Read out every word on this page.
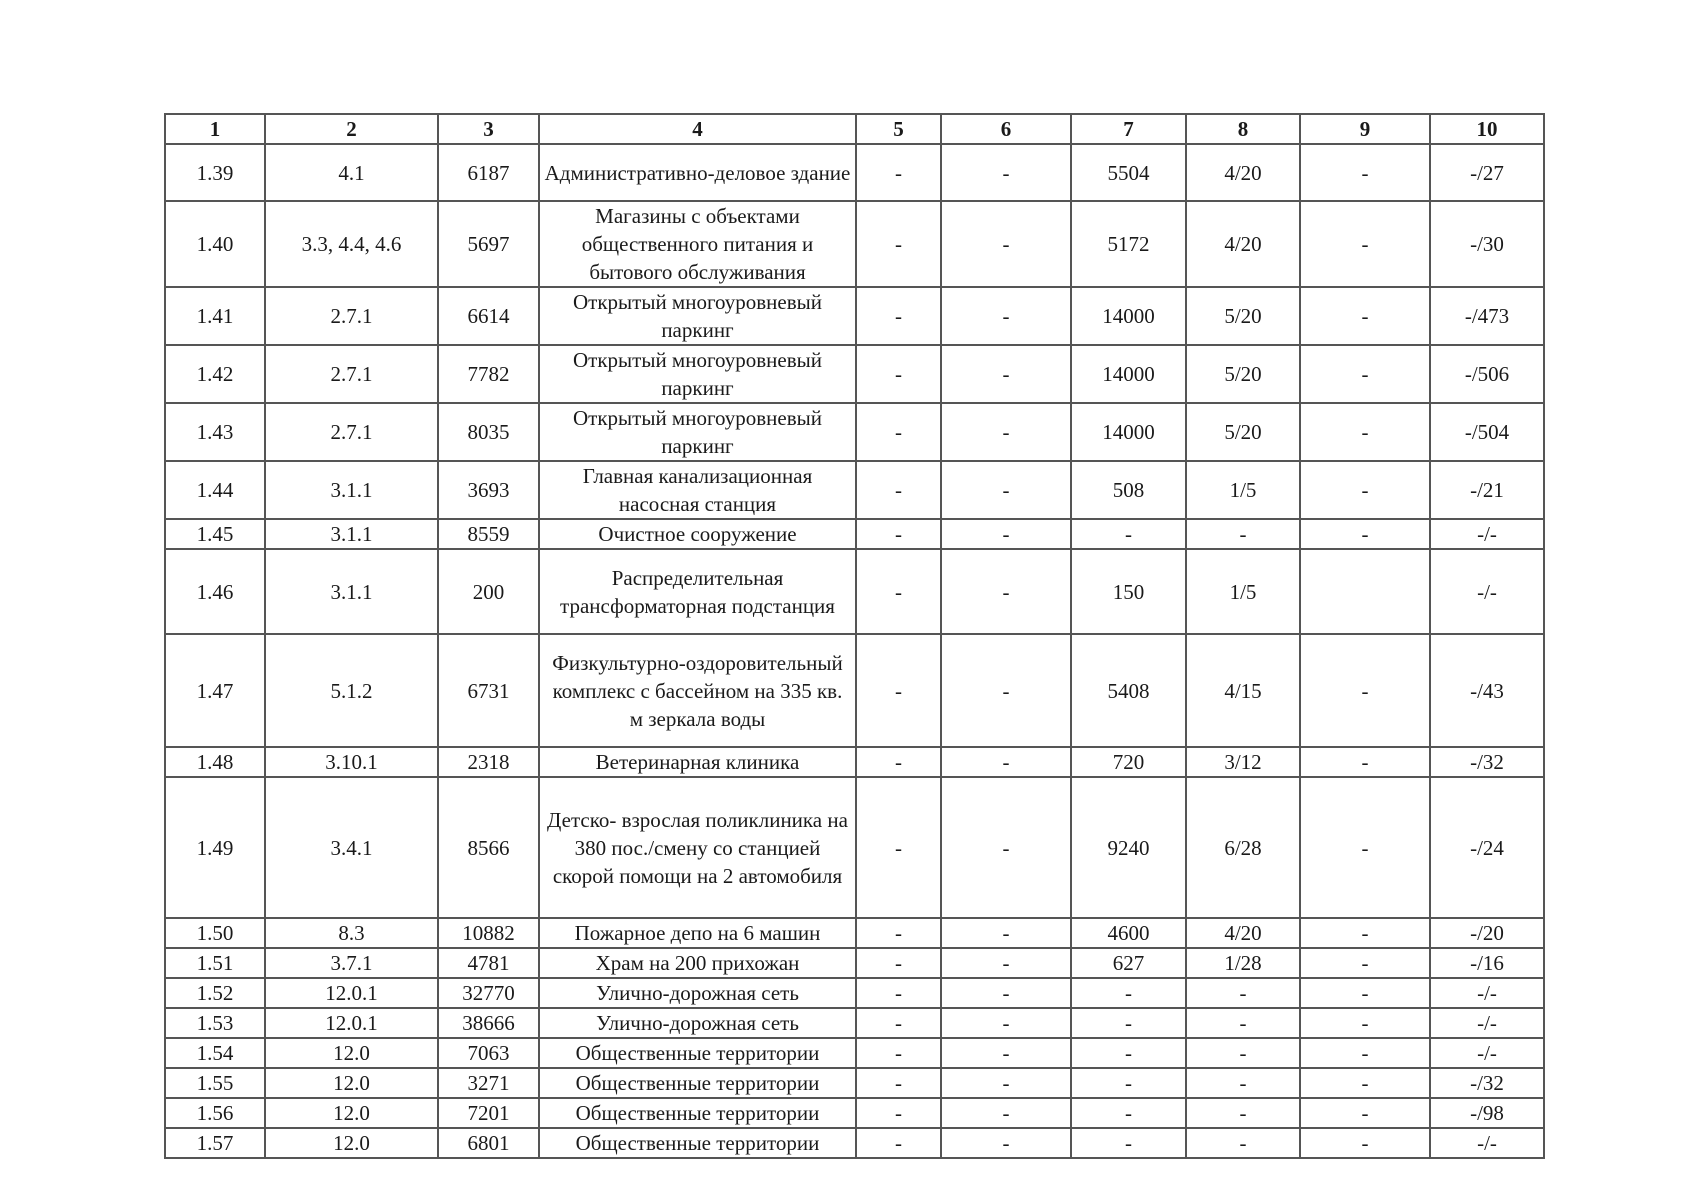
1	2	3	4	5	6	7	8	9	10
1.39	4.1	6187	Административно-деловое здание	-	-	5504	4/20	-	-/27
1.40	3.3, 4.4, 4.6	5697	Магазины с объектами общественного питания и бытового обслуживания	-	-	5172	4/20	-	-/30
1.41	2.7.1	6614	Открытый многоуровневый паркинг	-	-	14000	5/20	-	-/473
1.42	2.7.1	7782	Открытый многоуровневый паркинг	-	-	14000	5/20	-	-/506
1.43	2.7.1	8035	Открытый многоуровневый паркинг	-	-	14000	5/20	-	-/504
1.44	3.1.1	3693	Главная канализационная насосная станция	-	-	508	1/5	-	-/21
1.45	3.1.1	8559	Очистное сооружение	-	-	-	-	-	-/-
1.46	3.1.1	200	Распределительная трансформаторная подстанция	-	-	150	1/5		-/-
1.47	5.1.2	6731	Физкультурно-оздоровительный комплекс с бассейном на 335 кв. м зеркала воды	-	-	5408	4/15	-	-/43
1.48	3.10.1	2318	Ветеринарная клиника	-	-	720	3/12	-	-/32
1.49	3.4.1	8566	Детско- взрослая поликлиника на 380 пос./смену со станцией скорой помощи на 2 автомобиля	-	-	9240	6/28	-	-/24
1.50	8.3	10882	Пожарное депо на 6 машин	-	-	4600	4/20	-	-/20
1.51	3.7.1	4781	Храм на 200 прихожан	-	-	627	1/28	-	-/16
1.52	12.0.1	32770	Улично-дорожная сеть	-	-	-	-	-	-/-
1.53	12.0.1	38666	Улично-дорожная сеть	-	-	-	-	-	-/-
1.54	12.0	7063	Общественные территории	-	-	-	-	-	-/-
1.55	12.0	3271	Общественные территории	-	-	-	-	-	-/32
1.56	12.0	7201	Общественные территории	-	-	-	-	-	-/98
1.57	12.0	6801	Общественные территории	-	-	-	-	-	-/-
